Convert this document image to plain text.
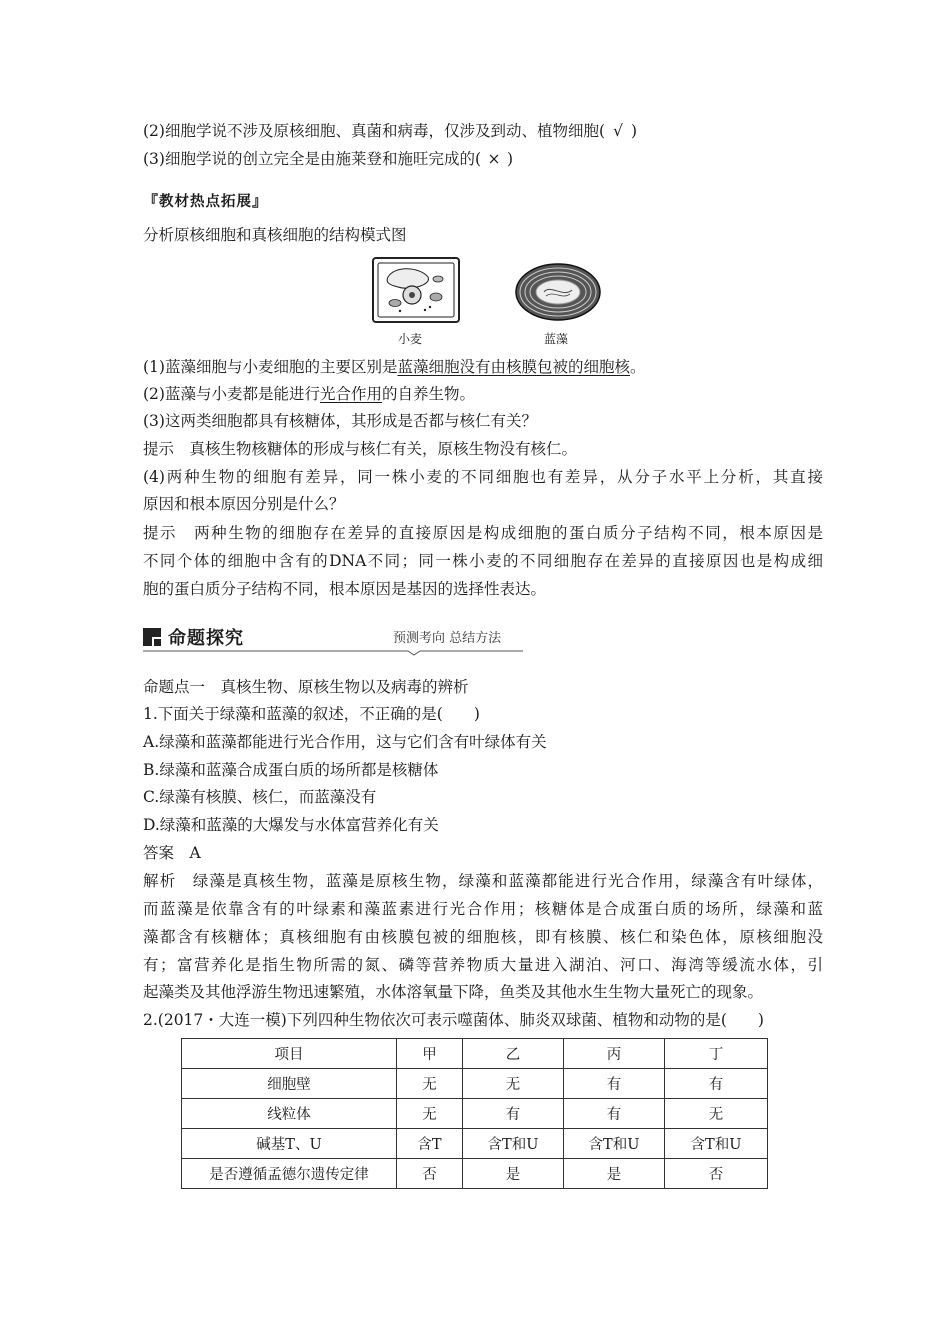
(2)细胞学说不涉及原核细胞、真菌和病毒，仅涉及到动、植物细胞( √ )
(3)细胞学说的创立完全是由施莱登和施旺完成的( × )
『教材热点拓展』
分析原核细胞和真核细胞的结构模式图
小麦	蓝藻
(1)蓝藻细胞与小麦细胞的主要区别是蓝藻细胞没有由核膜包被的细胞核。
(2)蓝藻与小麦都是能进行光合作用的自养生物。
(3)这两类细胞都具有核糖体，其形成是否都与核仁有关？
提示　真核生物核糖体的形成与核仁有关，原核生物没有核仁。
(4)两种生物的细胞有差异，同一株小麦的不同细胞也有差异，从分子水平上分析，其直接
原因和根本原因分别是什么？
提示　两种生物的细胞存在差异的直接原因是构成细胞的蛋白质分子结构不同，根本原因是
不同个体的细胞中含有的DNA不同；同一株小麦的不同细胞存在差异的直接原因也是构成细
胞的蛋白质分子结构不同，根本原因是基因的选择性表达。
命题探究	预测考向 总结方法
命题点一　真核生物、原核生物以及病毒的辨析
1.下面关于绿藻和蓝藻的叙述，不正确的是(　　)
A.绿藻和蓝藻都能进行光合作用，这与它们含有叶绿体有关
B.绿藻和蓝藻合成蛋白质的场所都是核糖体
C.绿藻有核膜、核仁，而蓝藻没有
D.绿藻和蓝藻的大爆发与水体富营养化有关
答案　A
解析　绿藻是真核生物，蓝藻是原核生物，绿藻和蓝藻都能进行光合作用，绿藻含有叶绿体，
而蓝藻是依靠含有的叶绿素和藻蓝素进行光合作用；核糖体是合成蛋白质的场所，绿藻和蓝
藻都含有核糖体；真核细胞有由核膜包被的细胞核，即有核膜、核仁和染色体，原核细胞没
有；富营养化是指生物所需的氮、磷等营养物质大量进入湖泊、河口、海湾等缓流水体，引
起藻类及其他浮游生物迅速繁殖，水体溶氧量下降，鱼类及其他水生生物大量死亡的现象。
2.(2017・大连一模)下列四种生物依次可表示噬菌体、肺炎双球菌、植物和动物的是(　　)
项目	甲	乙	丙	丁
细胞壁	无	无	有	有
线粒体	无	有	有	无
碱基T、U	含T	含T和U	含T和U	含T和U
是否遵循孟德尔遗传定律	否	是	是	否
